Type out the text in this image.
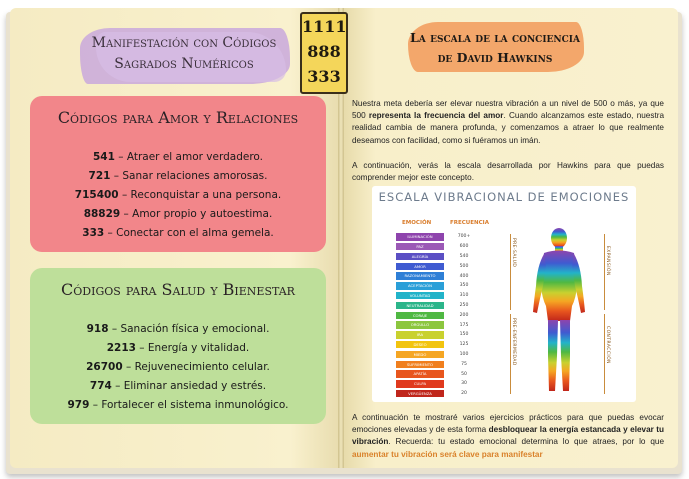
Manifestación con Códigos
Sagrados Numéricos
Códigos para Amor y Relaciones
541 – Atraer el amor verdadero.
721 – Sanar relaciones amorosas.
715400 – Reconquistar a una persona.
88829 – Amor propio y autoestima.
333 – Conectar con el alma gemela.
Códigos para Salud y Bienestar
918 – Sanación física y emocional.
2213 – Energía y vitalidad.
26700 – Rejuvenecimiento celular.
774 – Eliminar ansiedad y estrés.
979 – Fortalecer el sistema inmunológico.
1111
888
333
La escala de la conciencia
de David Hawkins
Nuestra meta debería ser elevar nuestra vibración a un nivel de 500 o más, ya que 500 representa la frecuencia del amor. Cuando alcanzamos este estado, nuestra realidad cambia de manera profunda, y comenzamos a atraer lo que realmente deseamos con facilidad, como si fuéramos un imán.
A continuación, verás la escala desarrollada por Hawkins para que puedas comprender mejor este concepto.
ESCALA VIBRACIONAL DE EMOCIONES
EMOCIÓN	FRECUENCIA
ILUMINACIÓN	700+
PAZ	600
ALEGRÍA	540
AMOR	500
RAZONAMIENTO	400
ACEPTACIÓN	350
VOLUNTAD	310
NEUTRALIDAD	250
CORAJE	200
ORGULLO	175
IRA	150
DESEO	125
MIEDO	100
SUFRIMIENTO	75
APATÍA	50
CULPA	30
VERGÜENZA	20
PRE-SALUD
PRE-ENFERMEDAD
EXPANSIÓN
CONTRACCIÓN
A continuación te mostraré varios ejercicios prácticos para que puedas evocar emociones elevadas y de esta forma desbloquear la energía estancada y elevar tu vibración. Recuerda: tu estado emocional determina lo que atraes, por lo que aumentar tu vibración será clave para manifestar
